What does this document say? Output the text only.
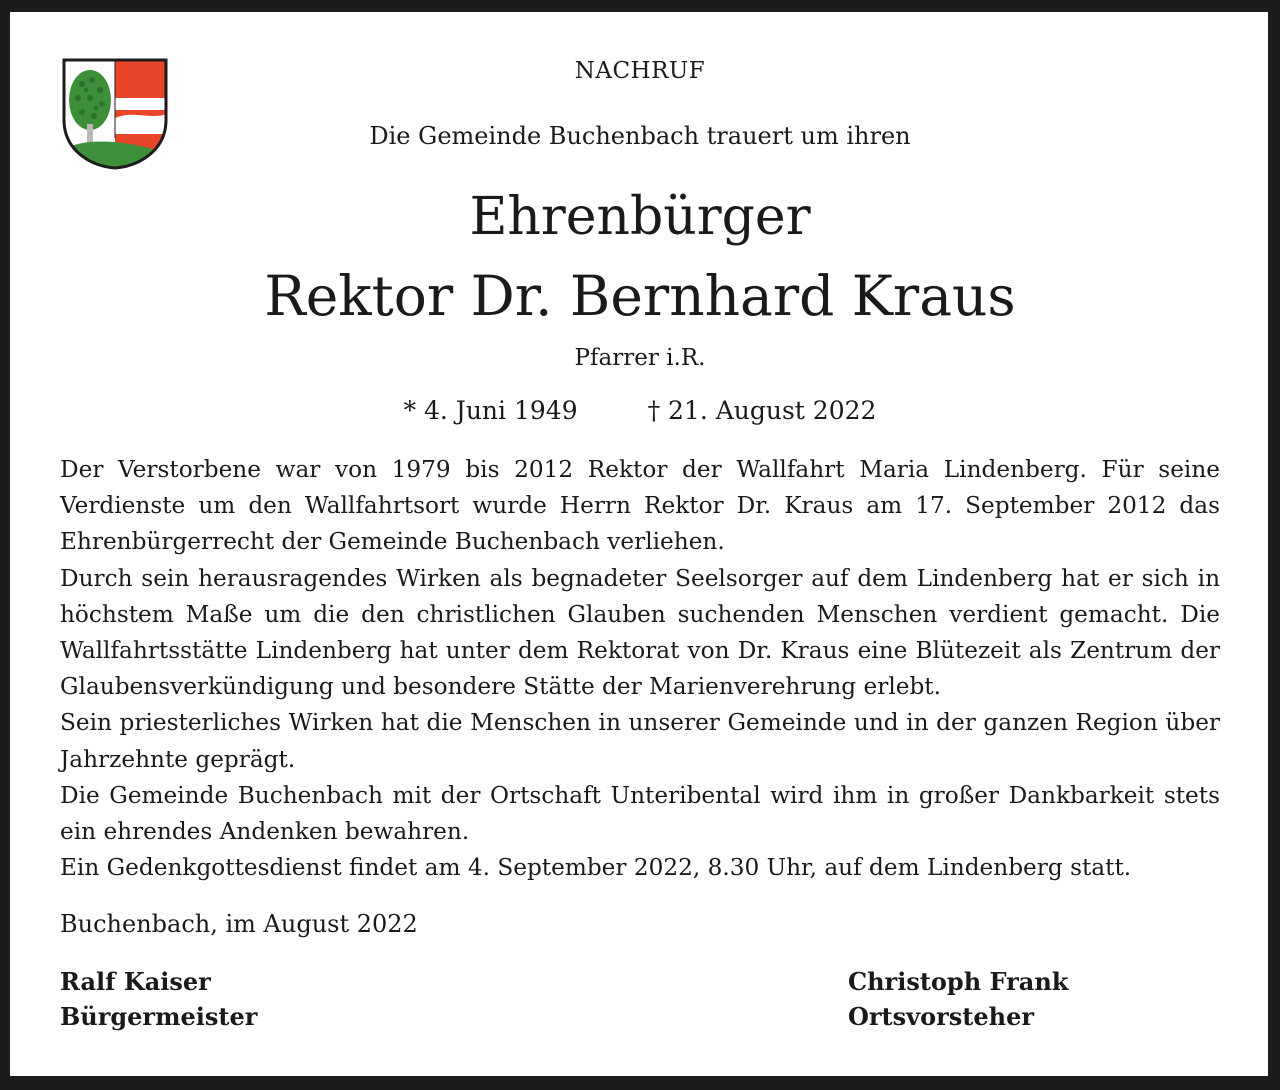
NACHRUF
Die Gemeinde Buchenbach trauert um ihren
Ehrenbürger
Rektor Dr. Bernhard Kraus
Pfarrer i.R.
* 4. Juni 1949	† 21. August 2022

Der Verstorbene war von 1979 bis 2012 Rektor der Wallfahrt Maria Lindenberg. Für seine Verdienste um den Wallfahrtsort wurde Herrn Rektor Dr. Kraus am 17. September 2012 das Ehrenbürgerrecht der Gemeinde Buchenbach verliehen.

Durch sein herausragendes Wirken als begnadeter Seelsorger auf dem Lindenberg hat er sich in höchstem Maße um die den christlichen Glauben suchenden Menschen verdient gemacht. Die Wallfahrtsstätte Lindenberg hat unter dem Rektorat von Dr. Kraus eine Blütezeit als Zentrum der Glaubensverkündigung und besondere Stätte der Marienverehrung erlebt.

Sein priesterliches Wirken hat die Menschen in unserer Gemeinde und in der ganzen Region über Jahrzehnte geprägt.

Die Gemeinde Buchenbach mit der Ortschaft Unteribental wird ihm in großer Dankbarkeit stets ein ehrendes Andenken bewahren.

Ein Gedenkgottesdienst findet am 4. September 2022, 8.30 Uhr, auf dem Lindenberg statt.

Buchenbach, im August 2022
Ralf Kaiser
Bürgermeister
Christoph Frank
Ortsvorsteher
